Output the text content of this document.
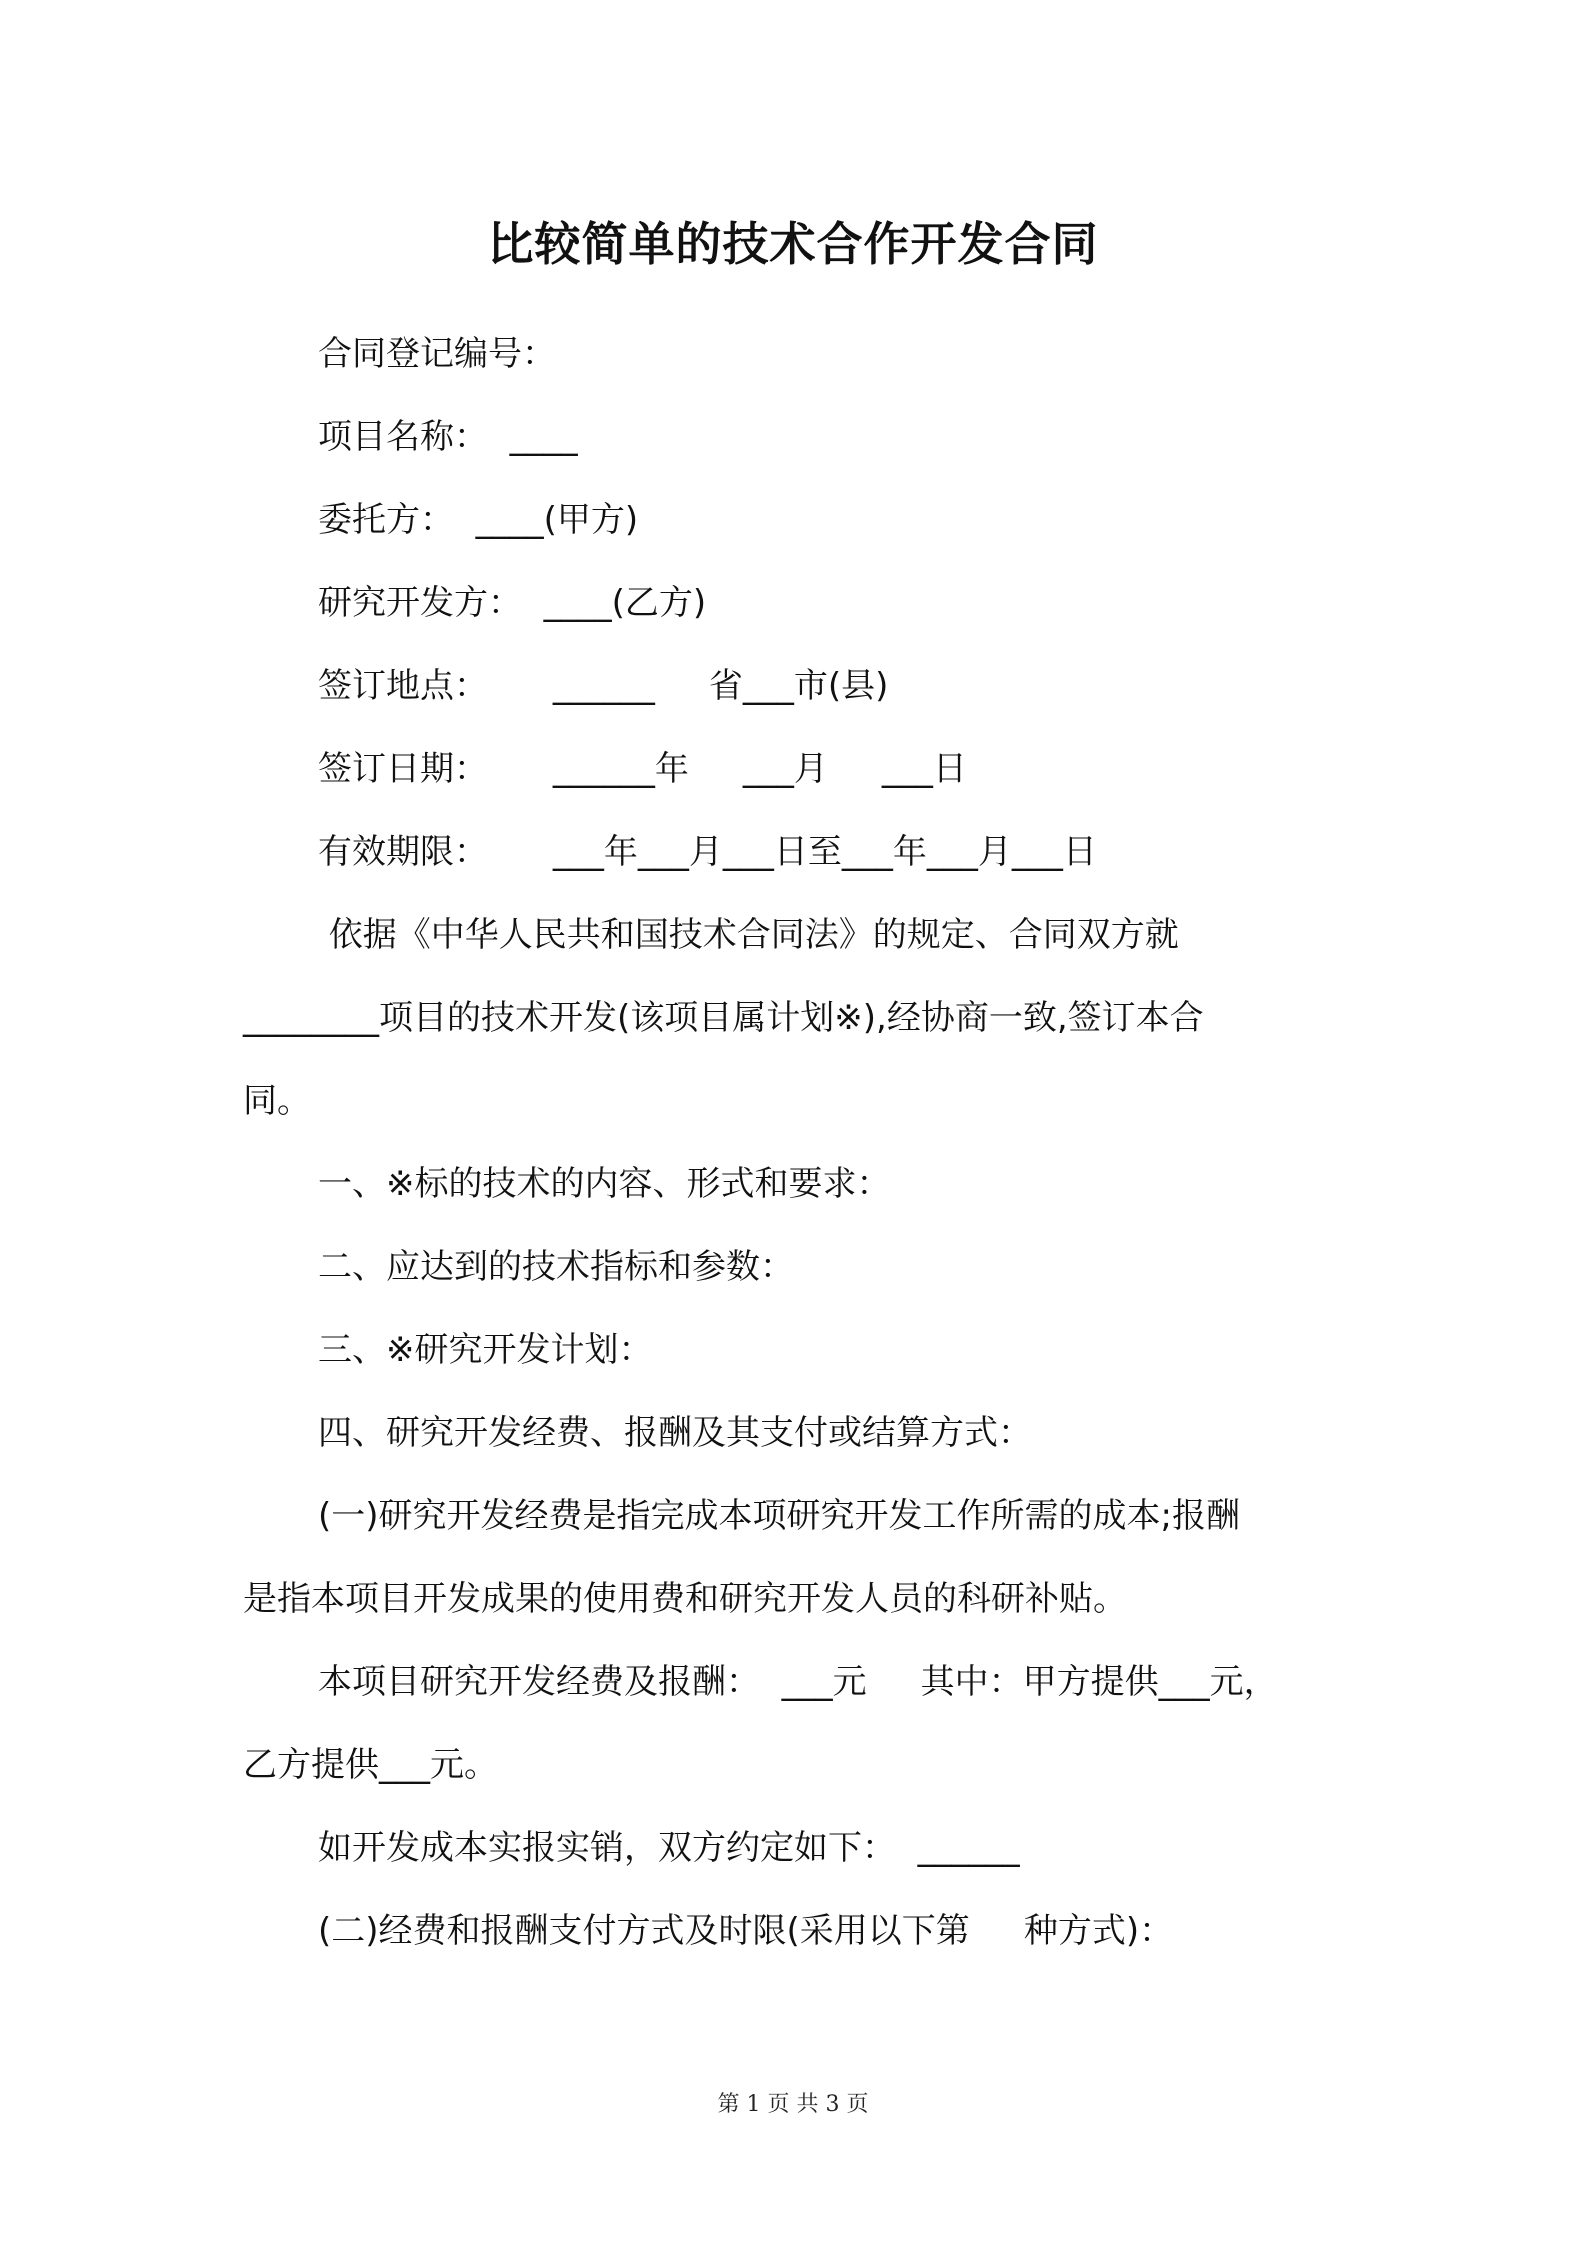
比较简单的技术合作开发合同
合同登记编号：
项目名称：  ____
委托方：  ____(甲方)
研究开发方：  ____(乙方)
签订地点：      ______     省___市(县)
签订日期：      ______年     ___月     ___日
有效期限：      ___年___月___日至___年___月___日
依据《中华人民共和国技术合同法》的规定、合同双方就
________项目的技术开发(该项目属计划※),经协商一致,签订本合
同。
一、※标的技术的内容、形式和要求：
二、应达到的技术指标和参数：
三、※研究开发计划：
四、研究开发经费、报酬及其支付或结算方式：
(一)研究开发经费是指完成本项研究开发工作所需的成本;报酬
是指本项目开发成果的使用费和研究开发人员的科研补贴。
本项目研究开发经费及报酬：  ___元     其中：甲方提供___元，
乙方提供___元。
如开发成本实报实销，双方约定如下：  ______
(二)经费和报酬支付方式及时限(采用以下第     种方式)：
第 1 页 共 3 页
